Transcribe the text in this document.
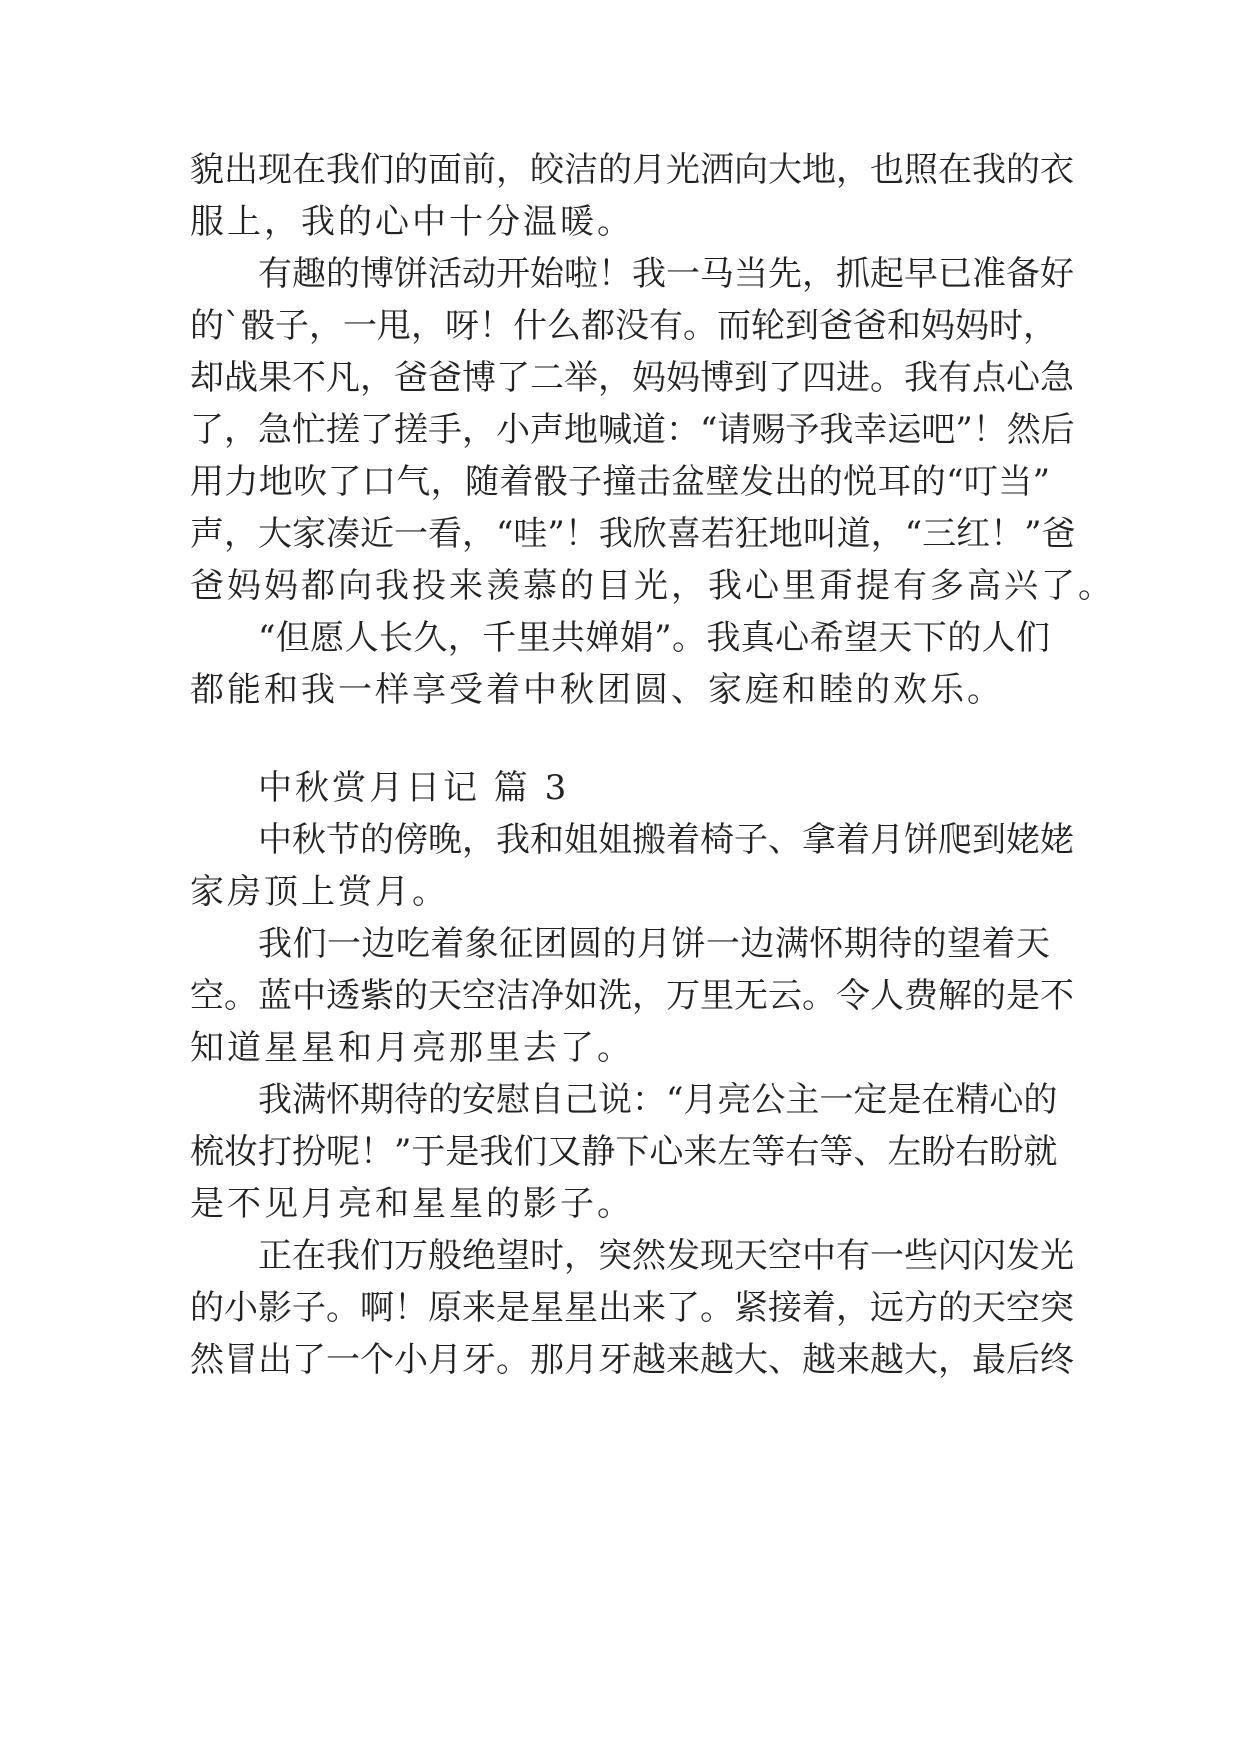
貌出现在我们的面前，皎洁的月光洒向大地，也照在我的衣
服上，我的心中十分温暖。
有趣的博饼活动开始啦！我一马当先，抓起早已准备好
的`骰子，一甩，呀！什么都没有。而轮到爸爸和妈妈时，
却战果不凡，爸爸博了二举，妈妈博到了四进。我有点心急
了，急忙搓了搓手，小声地喊道：“请赐予我幸运吧”！然后
用力地吹了口气，随着骰子撞击盆壁发出的悦耳的“叮当”
声，大家凑近一看，“哇”！我欣喜若狂地叫道，“三红！”爸
爸妈妈都向我投来羡慕的目光，我心里甭提有多高兴了。
“但愿人长久，千里共婵娟”。我真心希望天下的人们
都能和我一样享受着中秋团圆、家庭和睦的欢乐。
中秋赏月日记 篇 3
中秋节的傍晚，我和姐姐搬着椅子、拿着月饼爬到姥姥
家房顶上赏月。
我们一边吃着象征团圆的月饼一边满怀期待的望着天
空。蓝中透紫的天空洁净如洗，万里无云。令人费解的是不
知道星星和月亮那里去了。
我满怀期待的安慰自己说：“月亮公主一定是在精心的
梳妆打扮呢！”于是我们又静下心来左等右等、左盼右盼就
是不见月亮和星星的影子。
正在我们万般绝望时，突然发现天空中有一些闪闪发光
的小影子。啊！原来是星星出来了。紧接着，远方的天空突
然冒出了一个小月牙。那月牙越来越大、越来越大，最后终
